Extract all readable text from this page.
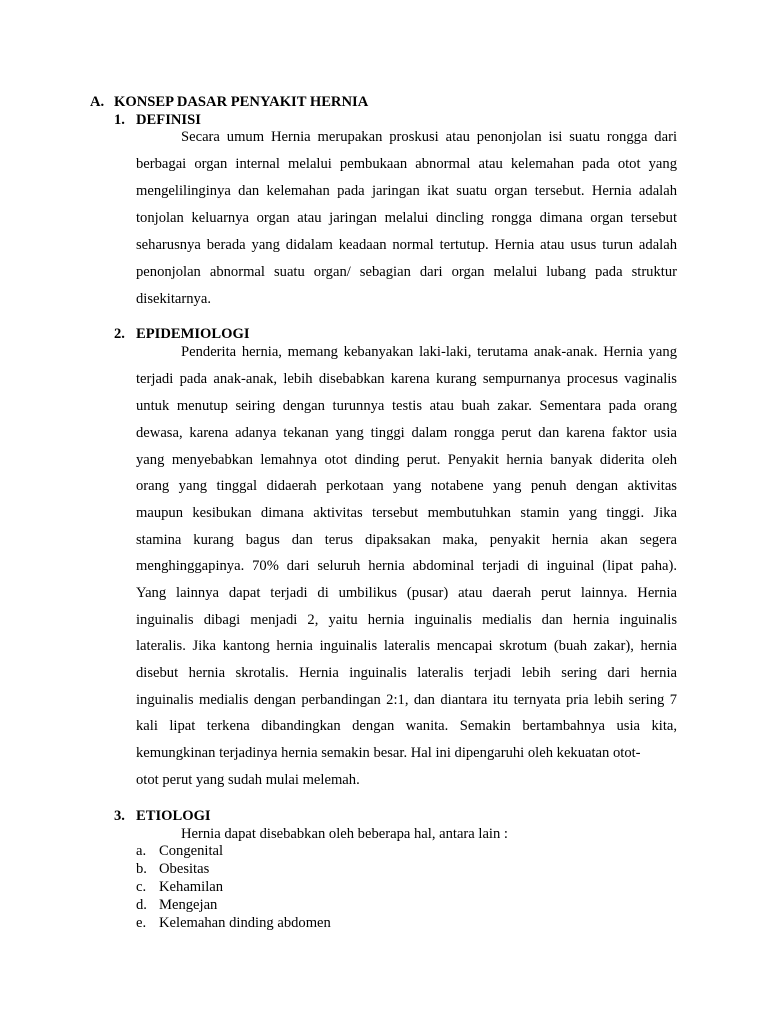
A. KONSEP DASAR PENYAKIT HERNIA
1. DEFINISI
Secara umum Hernia merupakan proskusi atau penonjolan isi suatu rongga dari
berbagai organ internal melalui pembukaan abnormal atau kelemahan pada otot yang
mengelilinginya dan kelemahan pada jaringan ikat suatu organ tersebut. Hernia adalah
tonjolan keluarnya organ atau jaringan melalui dincling rongga dimana organ tersebut
seharusnya berada yang didalam keadaan normal tertutup. Hernia atau usus turun adalah
penonjolan abnormal suatu organ/ sebagian dari organ melalui lubang pada struktur
disekitarnya.
2. EPIDEMIOLOGI
Penderita hernia, memang kebanyakan laki-laki, terutama anak-anak. Hernia yang
terjadi pada anak-anak, lebih disebabkan karena kurang sempurnanya procesus vaginalis
untuk menutup seiring dengan turunnya testis atau buah zakar. Sementara pada orang
dewasa, karena adanya tekanan yang tinggi dalam rongga perut dan karena faktor usia
yang menyebabkan lemahnya otot dinding perut. Penyakit hernia banyak diderita oleh
orang yang tinggal didaerah perkotaan yang notabene yang penuh dengan aktivitas
maupun kesibukan dimana aktivitas tersebut membutuhkan stamin yang tinggi. Jika
stamina kurang bagus dan terus dipaksakan maka, penyakit hernia akan segera
menghinggapinya. 70% dari seluruh hernia abdominal terjadi di inguinal (lipat paha).
Yang lainnya dapat terjadi di umbilikus (pusar) atau daerah perut lainnya. Hernia
inguinalis dibagi menjadi 2, yaitu hernia inguinalis medialis dan hernia inguinalis
lateralis. Jika kantong hernia inguinalis lateralis mencapai skrotum (buah zakar), hernia
disebut hernia skrotalis. Hernia inguinalis lateralis terjadi lebih sering dari hernia
inguinalis medialis dengan perbandingan 2:1, dan diantara itu ternyata pria lebih sering 7
kali lipat terkena dibandingkan dengan wanita. Semakin bertambahnya usia kita,
kemungkinan terjadinya hernia semakin besar. Hal ini dipengaruhi oleh kekuatan otot-
otot perut yang sudah mulai melemah.
3. ETIOLOGI
Hernia dapat disebabkan oleh beberapa hal, antara lain :
a. Congenital
b. Obesitas
c. Kehamilan
d. Mengejan
e. Kelemahan dinding abdomen
